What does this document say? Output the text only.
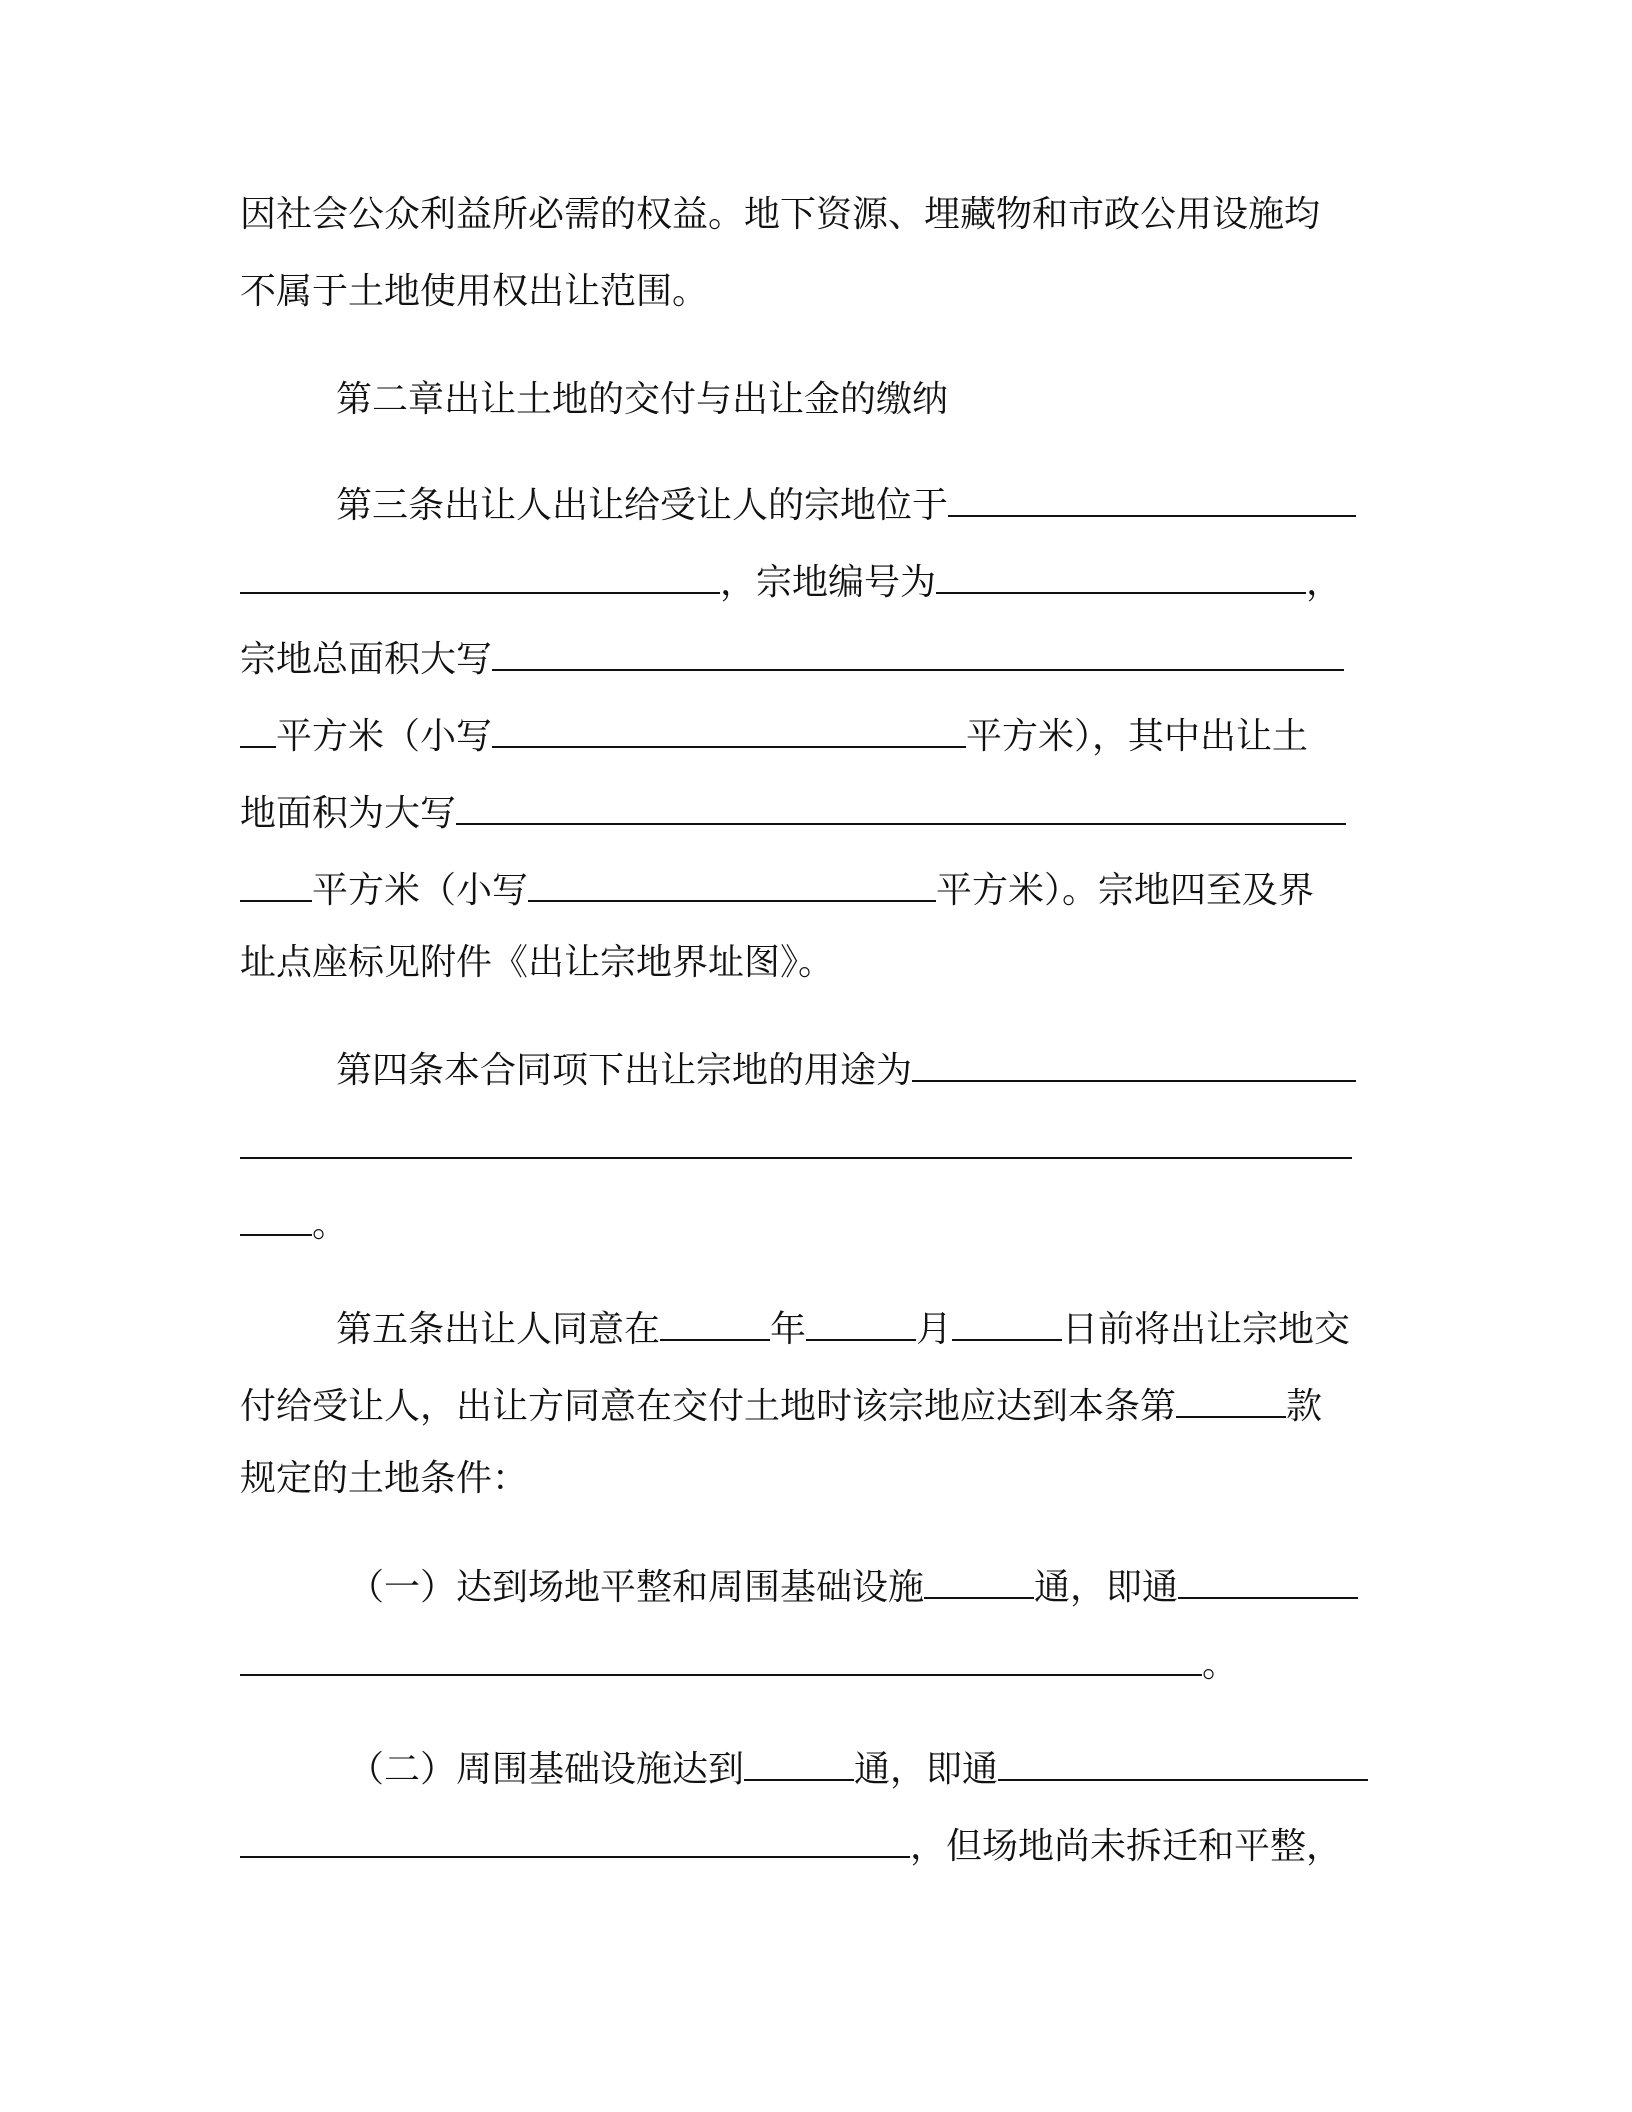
因社会公众利益所必需的权益。地下资源、埋藏物和市政公用设施均
不属于土地使用权出让范围。
第二章出让土地的交付与出让金的缴纳
第三条出让人出让给受让人的宗地位于
，宗地编号为	，
宗地总面积大写
平方米（小写	平方米），其中出让土
地面积为大写
平方米（小写	平方米）。宗地四至及界
址点座标见附件《出让宗地界址图》。
第四条本合同项下出让宗地的用途为
。
第五条出让人同意在	年	月	日前将出让宗地交
付给受让人，出让方同意在交付土地时该宗地应达到本条第	款
规定的土地条件：
（一）达到场地平整和周围基础设施	通，即通
。
（二）周围基础设施达到	通，即通
，但场地尚未拆迁和平整，
